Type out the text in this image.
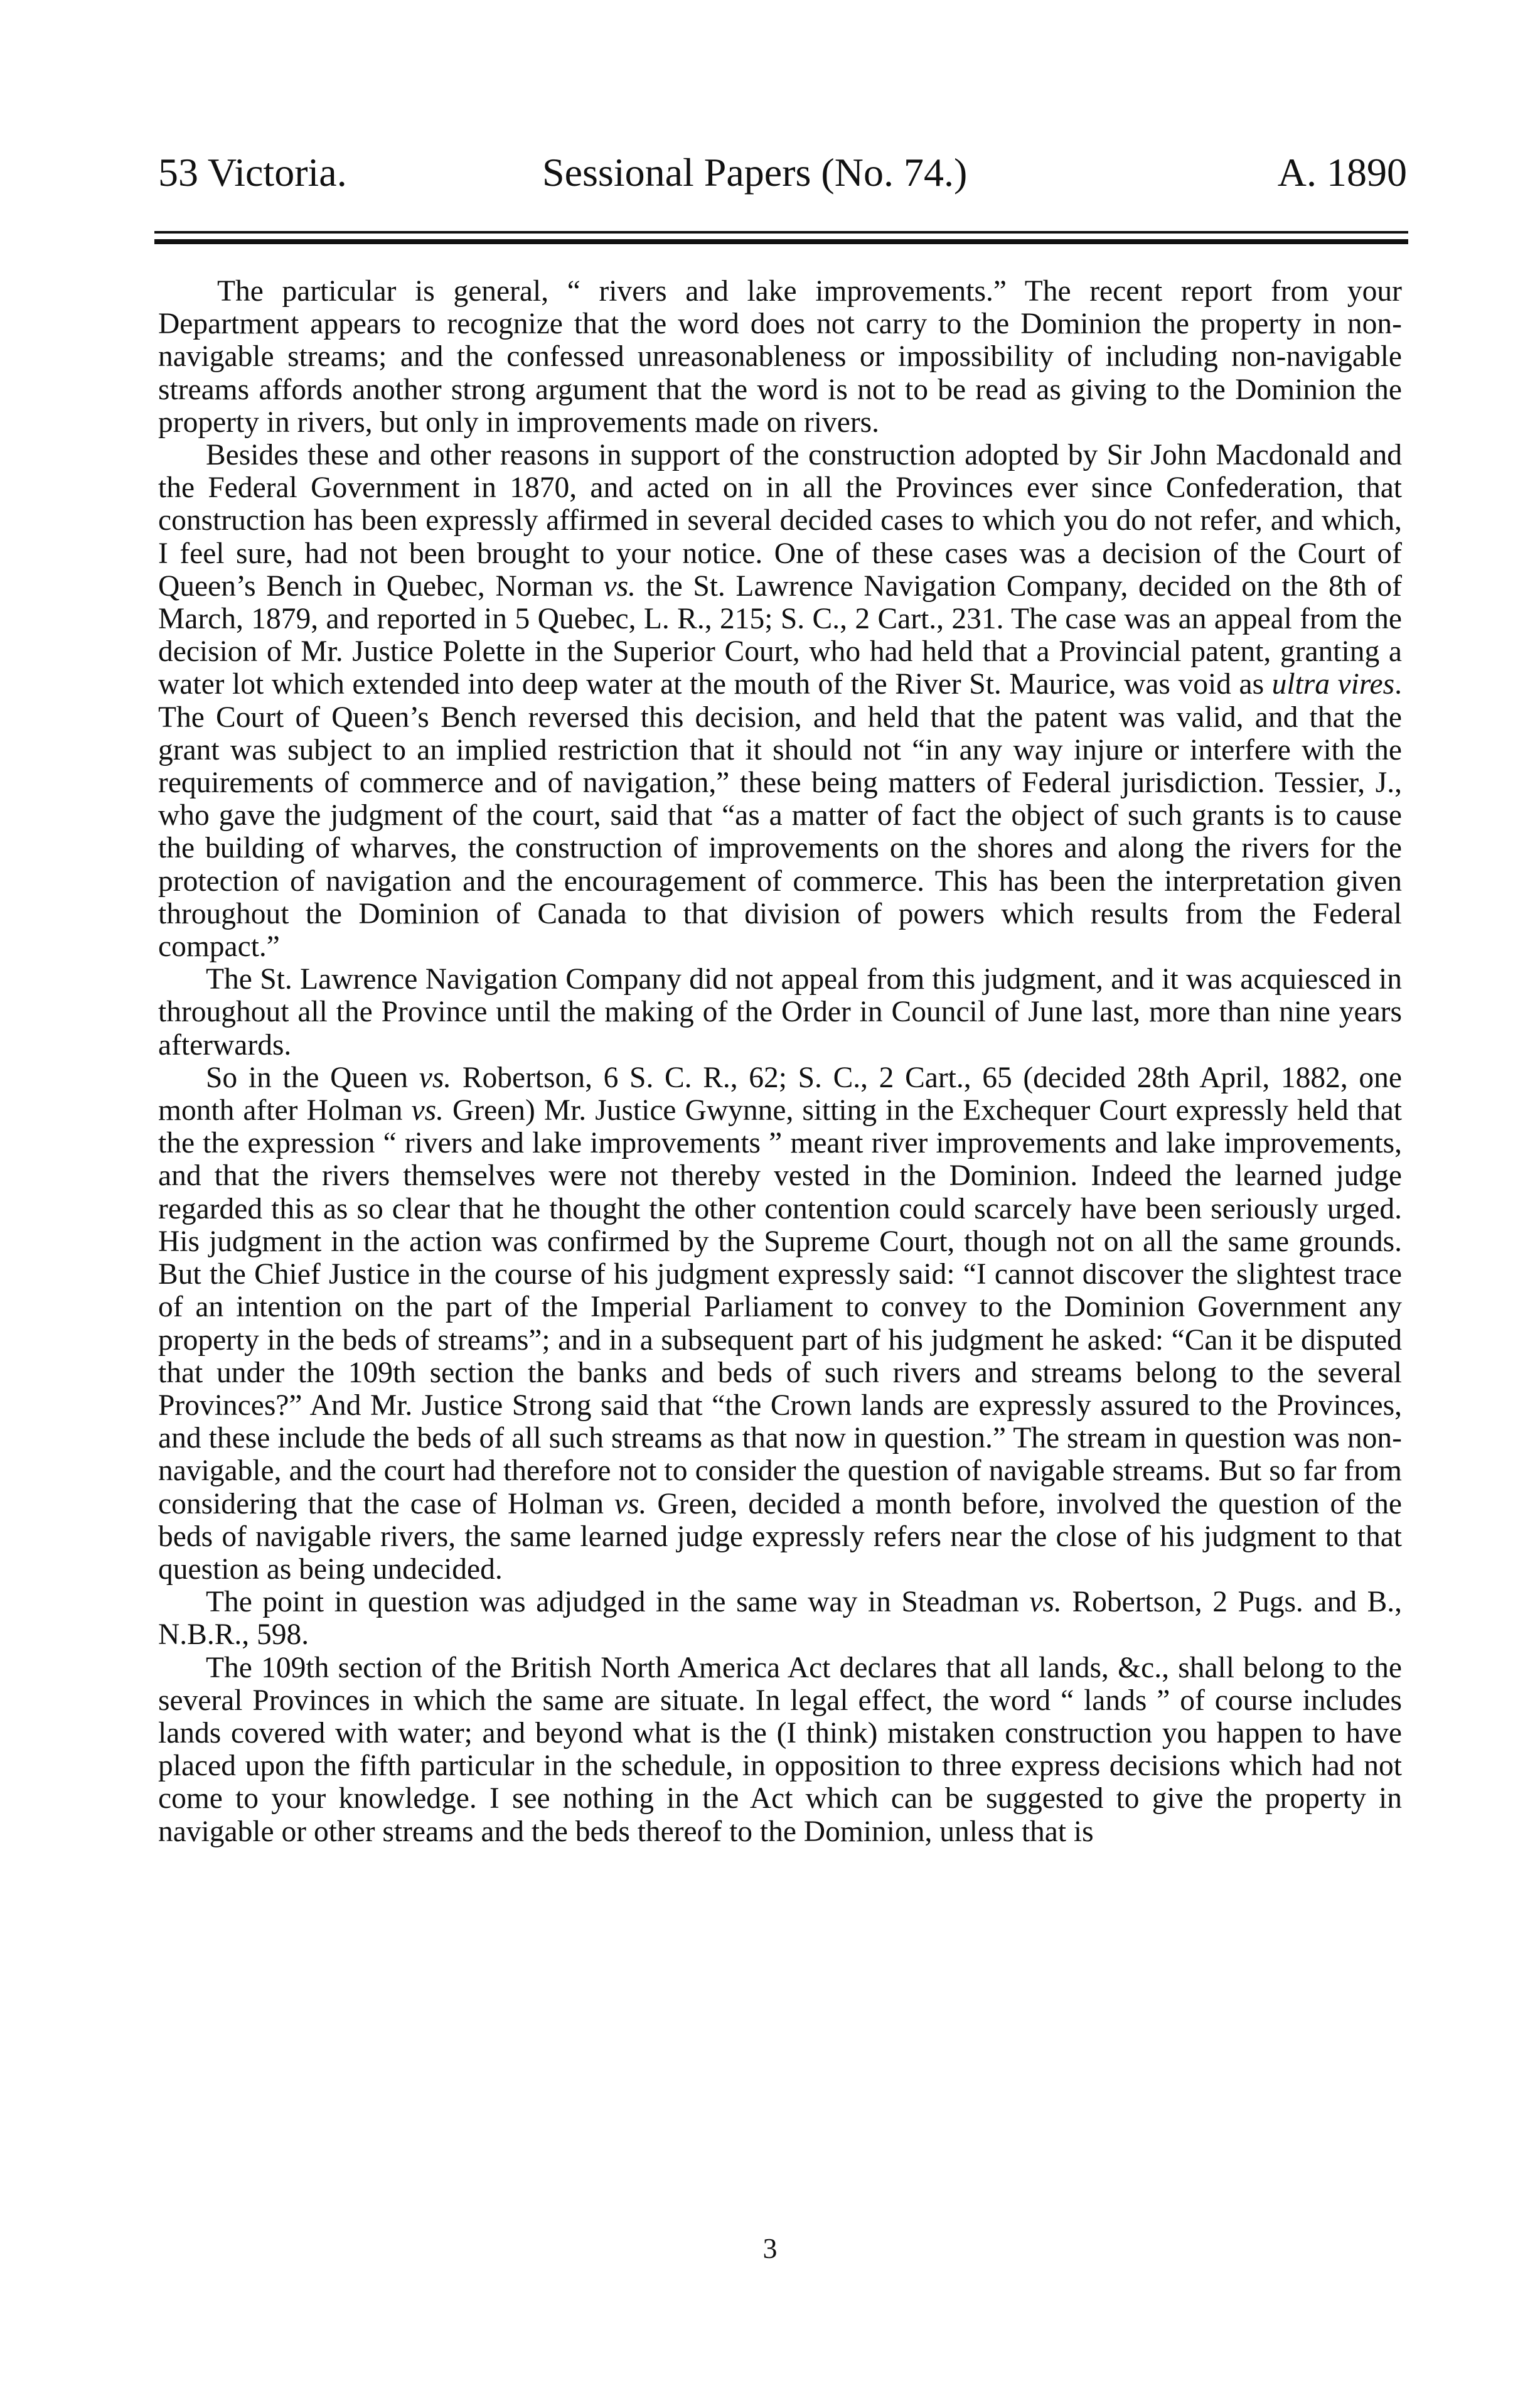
53 Victoria.	Sessional Papers (No. 74.)	A. 1890

The particular is general, “ rivers and lake improvements.” The recent report from your Department appears to recognize that the word does not carry to the Dominion the property in non-navigable streams; and the confessed unreasonableness or impossibility of including non-navigable streams affords another strong argument that the word is not to be read as giving to the Dominion the property in rivers, but only in improvements made on rivers.

Besides these and other reasons in support of the construction adopted by Sir John Macdonald and the Federal Government in 1870, and acted on in all the Provinces ever since Confederation, that construction has been expressly affirmed in several decided cases to which you do not refer, and which, I feel sure, had not been brought to your notice. One of these cases was a decision of the Court of Queen’s Bench in Quebec, Norman vs. the St. Lawrence Navigation Company, decided on the 8th of March, 1879, and reported in 5 Quebec, L. R., 215; S. C., 2 Cart., 231. The case was an appeal from the decision of Mr. Justice Polette in the Superior Court, who had held that a Provincial patent, granting a water lot which extended into deep water at the mouth of the River St. Maurice, was void as ultra vires. The Court of Queen’s Bench reversed this decision, and held that the patent was valid, and that the grant was subject to an implied restriction that it should not “in any way injure or interfere with the requirements of commerce and of navigation,” these being matters of Federal jurisdiction. Tessier, J., who gave the judgment of the court, said that “as a matter of fact the object of such grants is to cause the building of wharves, the construction of improvements on the shores and along the rivers for the protection of navigation and the encouragement of commerce. This has been the interpretation given throughout the Dominion of Canada to that division of powers which results from the Federal compact.”

The St. Lawrence Navigation Company did not appeal from this judgment, and it was acquiesced in throughout all the Province until the making of the Order in Council of June last, more than nine years afterwards.

So in the Queen vs. Robertson, 6 S. C. R., 62; S. C., 2 Cart., 65 (decided 28th April, 1882, one month after Holman vs. Green) Mr. Justice Gwynne, sitting in the Exchequer Court expressly held that the the expression “ rivers and lake improvements ” meant river improvements and lake improvements, and that the rivers themselves were not thereby vested in the Dominion. Indeed the learned judge regarded this as so clear that he thought the other contention could scarcely have been seriously urged. His judgment in the action was confirmed by the Supreme Court, though not on all the same grounds. But the Chief Justice in the course of his judgment expressly said: “I cannot discover the slightest trace of an intention on the part of the Imperial Parliament to convey to the Dominion Government any property in the beds of streams”; and in a subsequent part of his judgment he asked: “Can it be disputed that under the 109th section the banks and beds of such rivers and streams belong to the several Provinces?” And Mr. Justice Strong said that “the Crown lands are expressly assured to the Provinces, and these include the beds of all such streams as that now in question.” The stream in question was non-navigable, and the court had therefore not to consider the question of navigable streams. But so far from considering that the case of Holman vs. Green, decided a month before, involved the question of the beds of navigable rivers, the same learned judge expressly refers near the close of his judgment to that question as being undecided.

The point in question was adjudged in the same way in Steadman vs. Robertson, 2 Pugs. and B., N.B.R., 598.

The 109th section of the British North America Act declares that all lands, &c., shall belong to the several Provinces in which the same are situate. In legal effect, the word “ lands ” of course includes lands covered with water; and beyond what is the (I think) mistaken construction you happen to have placed upon the fifth particular in the schedule, in opposition to three express decisions which had not come to your knowledge. I see nothing in the Act which can be suggested to give the property in navigable or other streams and the beds thereof to the Dominion, unless that is

3
